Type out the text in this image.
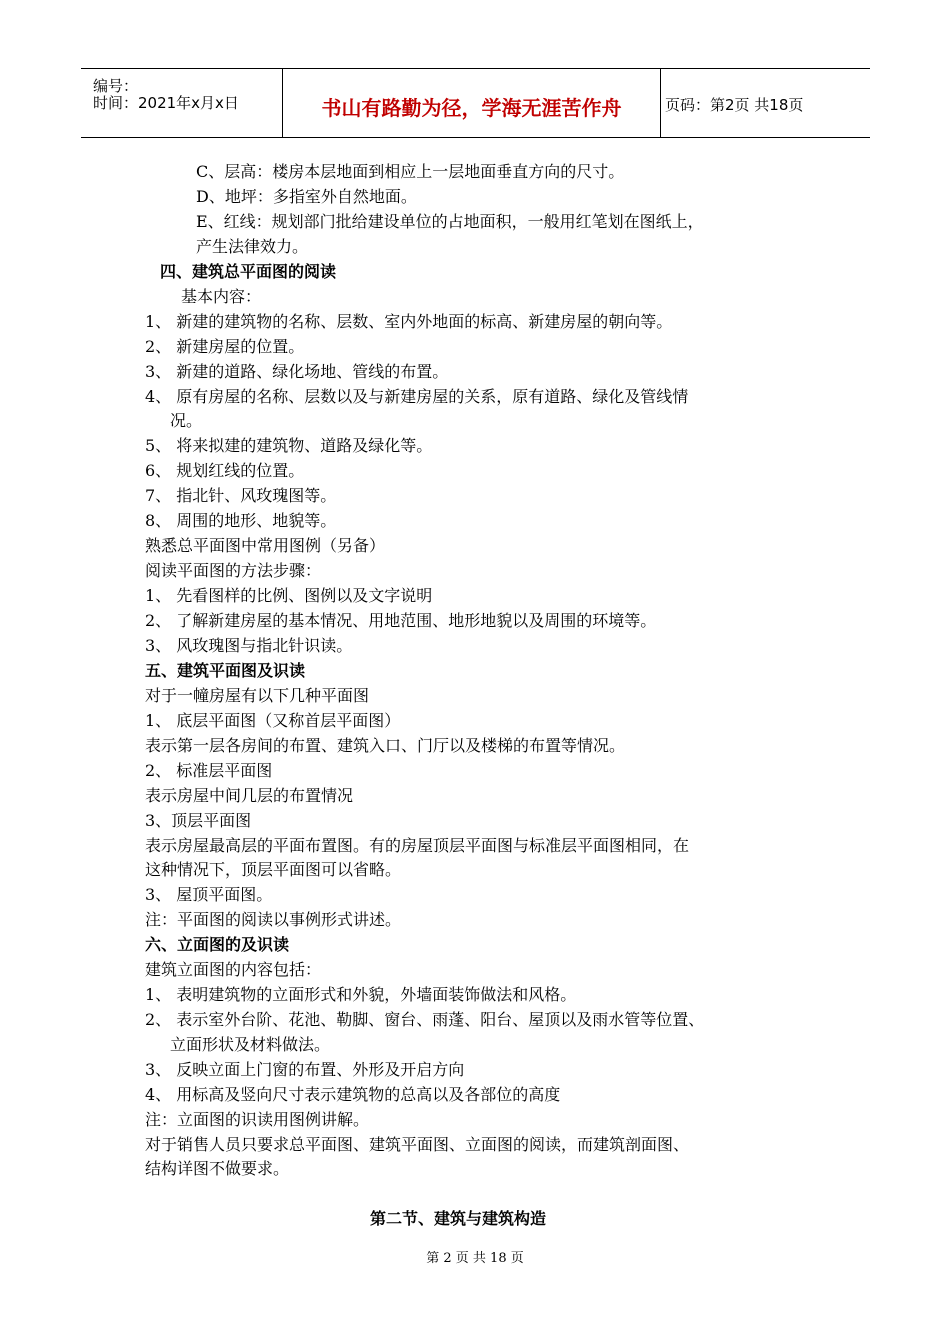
编号：
时间：2021年x月x日	书山有路勤为径，学海无涯苦作舟	页码：第2页 共18页
C、层高：楼房本层地面到相应上一层地面垂直方向的尺寸。
D、地坪：多指室外自然地面。
E、红线：规划部门批给建设单位的占地面积，一般用红笔划在图纸上，
产生法律效力。
四、建筑总平面图的阅读
基本内容：
1、 新建的建筑物的名称、层数、室内外地面的标高、新建房屋的朝向等。
2、 新建房屋的位置。
3、 新建的道路、绿化场地、管线的布置。
4、 原有房屋的名称、层数以及与新建房屋的关系，原有道路、绿化及管线情
况。
5、 将来拟建的建筑物、道路及绿化等。
6、 规划红线的位置。
7、 指北针、风玫瑰图等。
8、 周围的地形、地貌等。
熟悉总平面图中常用图例（另备）
阅读平面图的方法步骤：
1、 先看图样的比例、图例以及文字说明
2、 了解新建房屋的基本情况、用地范围、地形地貌以及周围的环境等。
3、 风玫瑰图与指北针识读。
五、建筑平面图及识读
对于一幢房屋有以下几种平面图
1、 底层平面图（又称首层平面图）
表示第一层各房间的布置、建筑入口、门厅以及楼梯的布置等情况。
2、 标准层平面图
表示房屋中间几层的布置情况
3、顶层平面图
表示房屋最高层的平面布置图。有的房屋顶层平面图与标准层平面图相同，在
这种情况下，顶层平面图可以省略。
3、 屋顶平面图。
注：平面图的阅读以事例形式讲述。
六、立面图的及识读
建筑立面图的内容包括：
1、 表明建筑物的立面形式和外貌，外墙面装饰做法和风格。
2、 表示室外台阶、花池、勒脚、窗台、雨蓬、阳台、屋顶以及雨水管等位置、
立面形状及材料做法。
3、 反映立面上门窗的布置、外形及开启方向
4、 用标高及竖向尺寸表示建筑物的总高以及各部位的高度
注：立面图的识读用图例讲解。
对于销售人员只要求总平面图、建筑平面图、立面图的阅读，而建筑剖面图、
结构详图不做要求。
第二节、建筑与建筑构造
第 2 页 共 18 页
